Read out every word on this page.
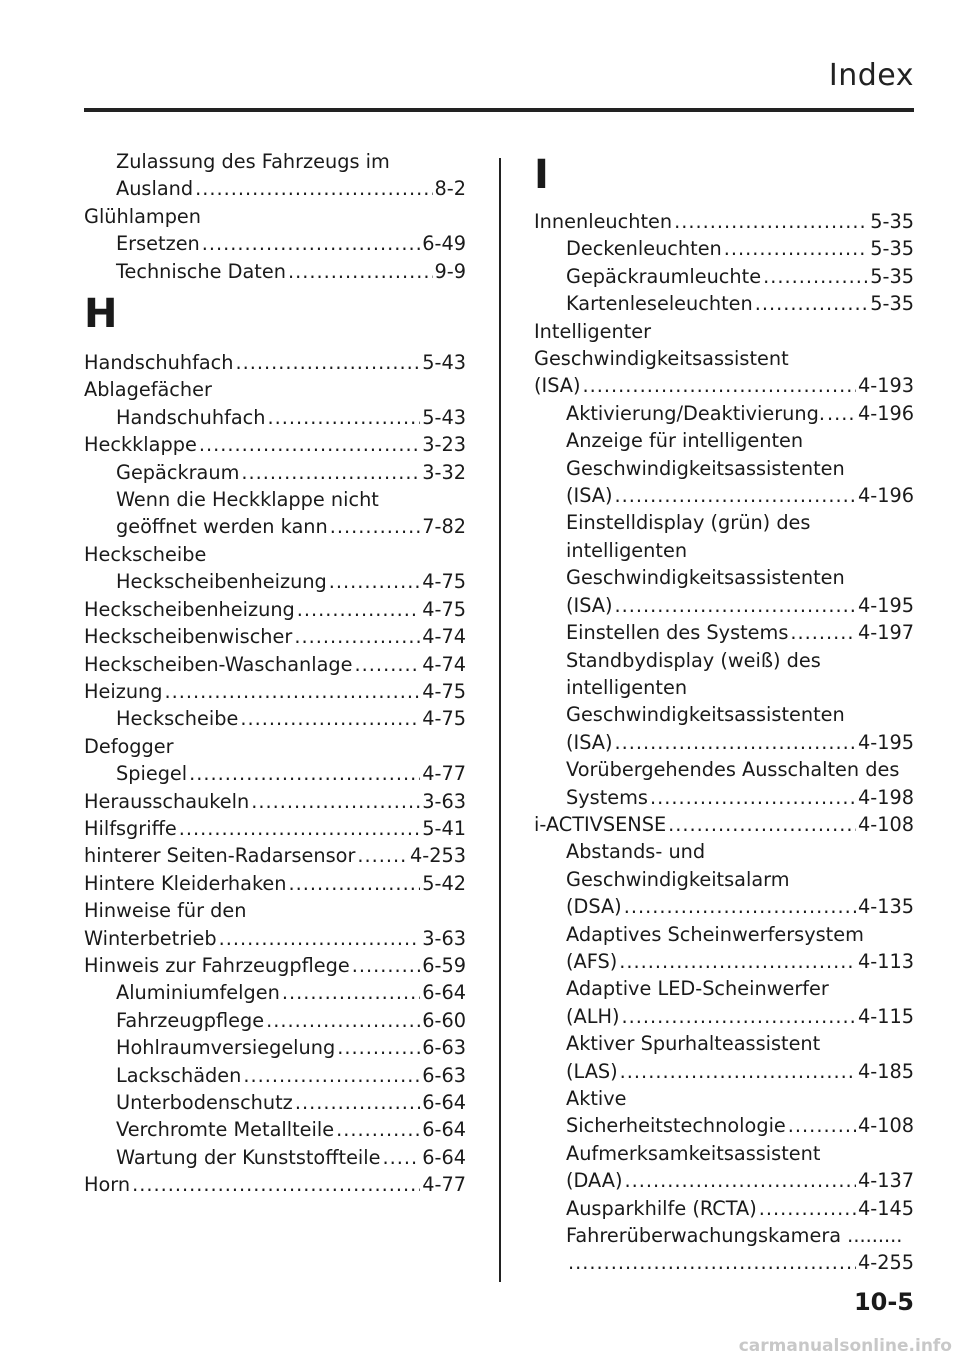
Index
Zulassung des Fahrzeugs im
Ausland .....	8-2
Glühlampen
Ersetzen .....	6-49
Technische Daten .....	9-9
H
Handschuhfach .....	5-43
Ablagefächer
Handschuhfach .....	5-43
Heckklappe .....	3-23
Gepäckraum .....	3-32
Wenn die Heckklappe nicht
geöffnet werden kann .....	7-82
Heckscheibe
Heckscheibenheizung .....	4-75
Heckscheibenheizung .....	4-75
Heckscheibenwischer .....	4-74
Heckscheiben-Waschanlage .....	4-74
Heizung .....	4-75
Heckscheibe .....	4-75
Defogger
Spiegel .....	4-77
Herausschaukeln .....	3-63
Hilfsgriffe .....	5-41
hinterer Seiten-Radarsensor .....	4-253
Hintere Kleiderhaken .....	5-42
Hinweise für den
Winterbetrieb .....	3-63
Hinweis zur Fahrzeugpflege .....	6-59
Aluminiumfelgen .....	6-64
Fahrzeugpflege .....	6-60
Hohlraumversiegelung .....	6-63
Lackschäden .....	6-63
Unterbodenschutz .....	6-64
Verchromte Metallteile .....	6-64
Wartung der Kunststoffteile ..... 6-64
Horn .....	4-77
I
Innenleuchten .....	5-35
Deckenleuchten .....	5-35
Gepäckraumleuchte .....	5-35
Kartenleseleuchten .....	5-35
Intelligenter
Geschwindigkeitsassistent
(ISA) .....	4-193
Aktivierung/Deaktivierung. ..... 4-196
Anzeige für intelligenten
Geschwindigkeitsassistenten
(ISA) .....	4-196
Einstelldisplay (grün) des
intelligenten
Geschwindigkeitsassistenten
(ISA) .....	4-195
Einstellen des Systems .....	4-197
Standbydisplay (weiß) des
intelligenten
Geschwindigkeitsassistenten
(ISA) .....	4-195
Vorübergehendes Ausschalten des
Systems .....	4-198
i-ACTIVSENSE .....	4-108
Abstands- und
Geschwindigkeitsalarm
(DSA) .....	4-135
Adaptives Scheinwerfersystem
(AFS) .....	4-113
Adaptive LED-Scheinwerfer
(ALH) .....	4-115
Aktiver Spurhalteassistent
(LAS) .....	4-185
Aktive
Sicherheitstechnologie .....	4-108
Aufmerksamkeitsassistent
(DAA) .....	4-137
Ausparkhilfe (RCTA) .....	4-145
Fahrerüberwachungskamera .........
.....
4-255
10-5
carmanualsonline.info
